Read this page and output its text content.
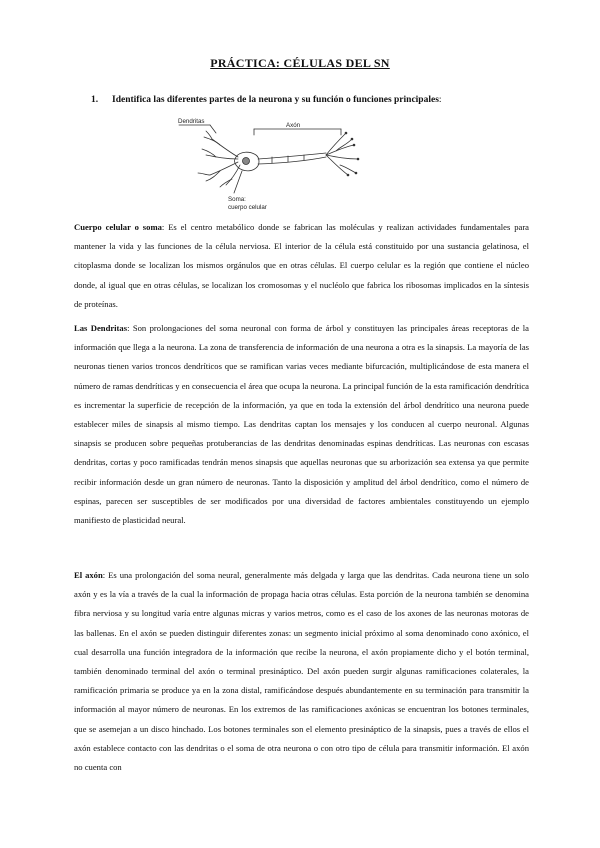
PRÁCTICA: CÉLULAS DEL SN
1. Identifica las diferentes partes de la neurona y su función o funciones principales:
Dendritas
Axón
Soma:
cuerpo celular
Cuerpo celular o soma: Es el centro metabólico donde se fabrican las moléculas y realizan actividades fundamentales para mantener la vida y las funciones de la célula nerviosa. El interior de la célula está constituido por una sustancia gelatinosa, el citoplasma donde se localizan los mismos orgánulos que en otras células. El cuerpo celular es la región que contiene el núcleo donde, al igual que en otras células, se localizan los cromosomas y el nucléolo que fabrica los ribosomas implicados en la síntesis de proteínas.
Las Dendritas: Son prolongaciones del soma neuronal con forma de árbol y constituyen las principales áreas receptoras de la información que llega a la neurona. La zona de transferencia de información de una neurona a otra es la sinapsis. La mayoría de las neuronas tienen varios troncos dendríticos que se ramifican varias veces mediante bifurcación, multiplicándose de esta manera el número de ramas dendríticas y en consecuencia el área que ocupa la neurona. La principal función de la esta ramificación dendrítica es incrementar la superficie de recepción de la información, ya que en toda la extensión del árbol dendrítico una neurona puede establecer miles de sinapsis al mismo tiempo. Las dendritas captan los mensajes y los conducen al cuerpo neuronal. Algunas sinapsis se producen sobre pequeñas protuberancias de las dendritas denominadas espinas dendríticas. Las neuronas con escasas dendritas, cortas y poco ramificadas tendrán menos sinapsis que aquellas neuronas que su arborización sea extensa ya que permite recibir información desde un gran número de neuronas. Tanto la disposición y amplitud del árbol dendrítico, como el número de espinas, parecen ser susceptibles de ser modificados por una diversidad de factores ambientales constituyendo un ejemplo manifiesto de plasticidad neural.
El axón: Es una prolongación del soma neural, generalmente más delgada y larga que las dendritas. Cada neurona tiene un solo axón y es la vía a través de la cual la información de propaga hacia otras células. Esta porción de la neurona también se denomina fibra nerviosa y su longitud varía entre algunas micras y varios metros, como es el caso de los axones de las neuronas motoras de las ballenas. En el axón se pueden distinguir diferentes zonas: un segmento inicial próximo al soma denominado cono axónico, el cual desarrolla una función integradora de la información que recibe la neurona, el axón propiamente dicho y el botón terminal, también denominado terminal del axón o terminal presináptico. Del axón pueden surgir algunas ramificaciones colaterales, la ramificación primaria se produce ya en la zona distal, ramificándose después abundantemente en su terminación para transmitir la información al mayor número de neuronas. En los extremos de las ramificaciones axónicas se encuentran los botones terminales, que se asemejan a un disco hinchado. Los botones terminales son el elemento presináptico de la sinapsis, pues a través de ellos el axón establece contacto con las dendritas o el soma de otra neurona o con otro tipo de célula para transmitir información. El axón no cuenta con
